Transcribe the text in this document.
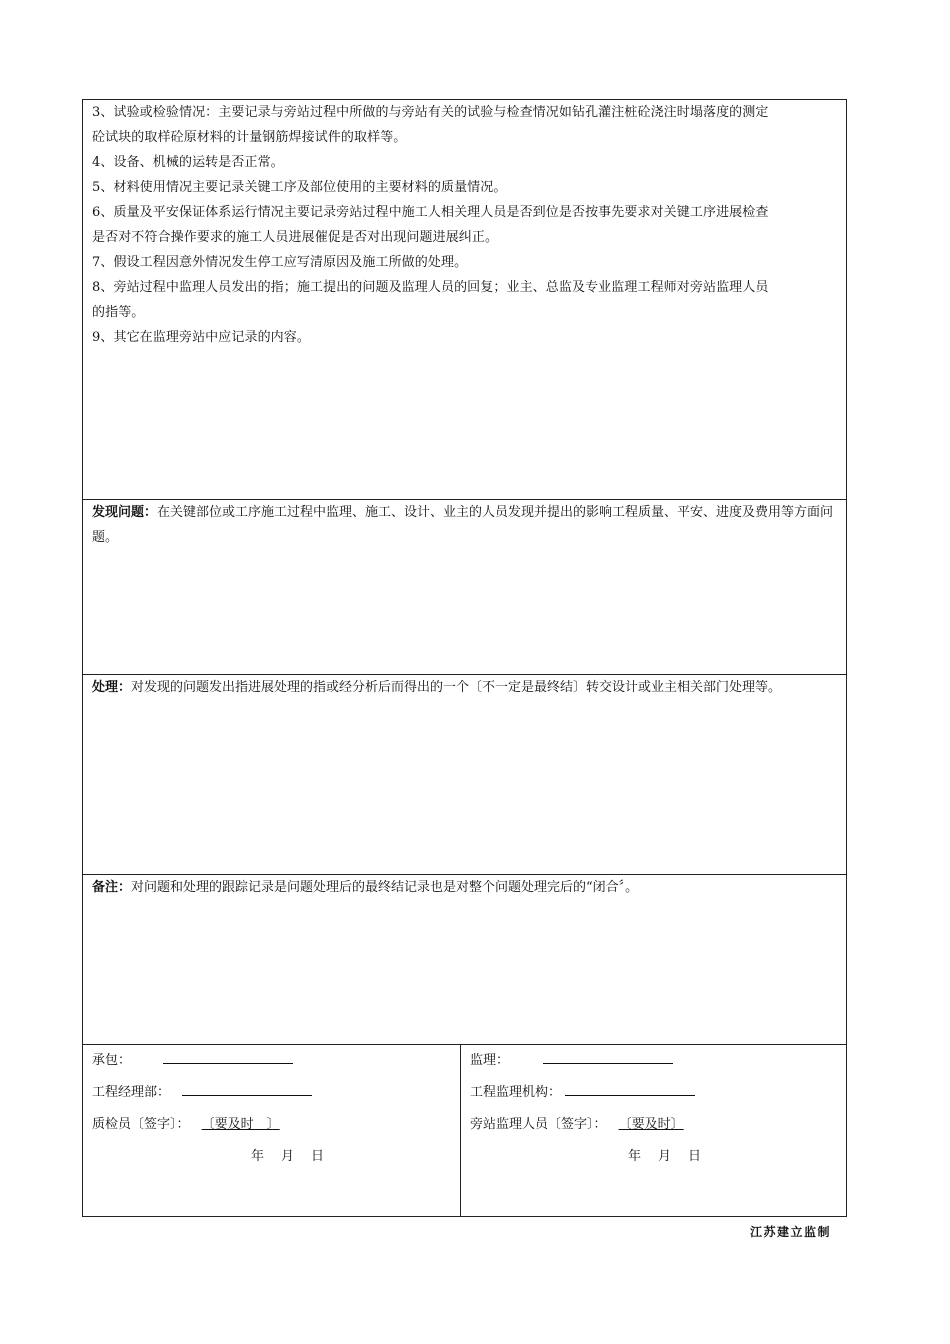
3、试验或检验情况：主要记录与旁站过程中所做的与旁站有关的试验与检查情况如钻孔灌注桩砼浇注时塌落度的测定
砼试块的取样砼原材料的计量钢筋焊接试件的取样等。
4、设备、机械的运转是否正常。
5、材料使用情况主要记录关键工序及部位使用的主要材料的质量情况。
6、质量及平安保证体系运行情况主要记录旁站过程中施工人相关理人员是否到位是否按事先要求对关键工序进展检查
是否对不符合操作要求的施工人员进展催促是否对出现问题进展纠正。
7、假设工程因意外情况发生停工应写清原因及施工所做的处理。
8、旁站过程中监理人员发出的指；施工提出的问题及监理人员的回复；业主、总监及专业监理工程师对旁站监理人员
的指等。
9、其它在监理旁站中应记录的内容。
发现问题：在关键部位或工序施工过程中监理、施工、设计、业主的人员发现并提出的影响工程质量、平安、进度及费用等方面问题。
处理：对发现的问题发出指进展处理的指或经分析后而得出的一个〔不一定是最终结〕转交设计或业主相关部门处理等。
备注：对问题和处理的跟踪记录是问题处理后的最终结记录也是对整个问题处理完后的“闭合〞。
承包：
工程经理部：
质检员〔签字〕： 〔要及时　〕
年　月　日
监理：
工程监理机构：
旁站监理人员〔签字〕： 〔要及时〕
年　月　日
江苏建立监制
